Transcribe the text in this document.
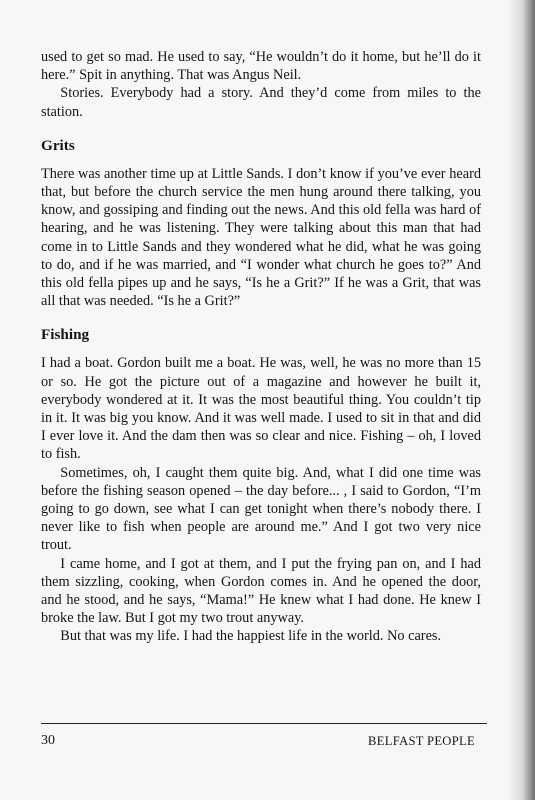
used to get so mad. He used to say, “He wouldn’t do it home, but he’ll do it here.” Spit in anything. That was Angus Neil.

Stories. Everybody had a story. And they’d come from miles to the station.

Grits

There was another time up at Little Sands. I don’t know if you’ve ever heard that, but before the church service the men hung around there talking, you know, and gossiping and finding out the news. And this old fella was hard of hearing, and he was listening. They were talking about this man that had come in to Little Sands and they wondered what he did, what he was going to do, and if he was married, and “I wonder what church he goes to?” And this old fella pipes up and he says, “Is he a Grit?” If he was a Grit, that was all that was needed. “Is he a Grit?”

Fishing

I had a boat. Gordon built me a boat. He was, well, he was no more than 15 or so. He got the picture out of a magazine and however he built it, everybody wondered at it. It was the most beautiful thing. You couldn’t tip in it. It was big you know. And it was well made. I used to sit in that and did I ever love it. And the dam then was so clear and nice. Fishing – oh, I loved to fish.

Sometimes, oh, I caught them quite big. And, what I did one time was before the fishing season opened – the day before... , I said to Gordon, “I’m going to go down, see what I can get tonight when there’s nobody there. I never like to fish when people are around me.” And I got two very nice trout.

I came home, and I got at them, and I put the frying pan on, and I had them sizzling, cooking, when Gordon comes in. And he opened the door, and he stood, and he says, “Mama!” He knew what I had done. He knew I broke the law. But I got my two trout anyway.

But that was my life. I had the happiest life in the world. No cares.

30	BELFAST PEOPLE
